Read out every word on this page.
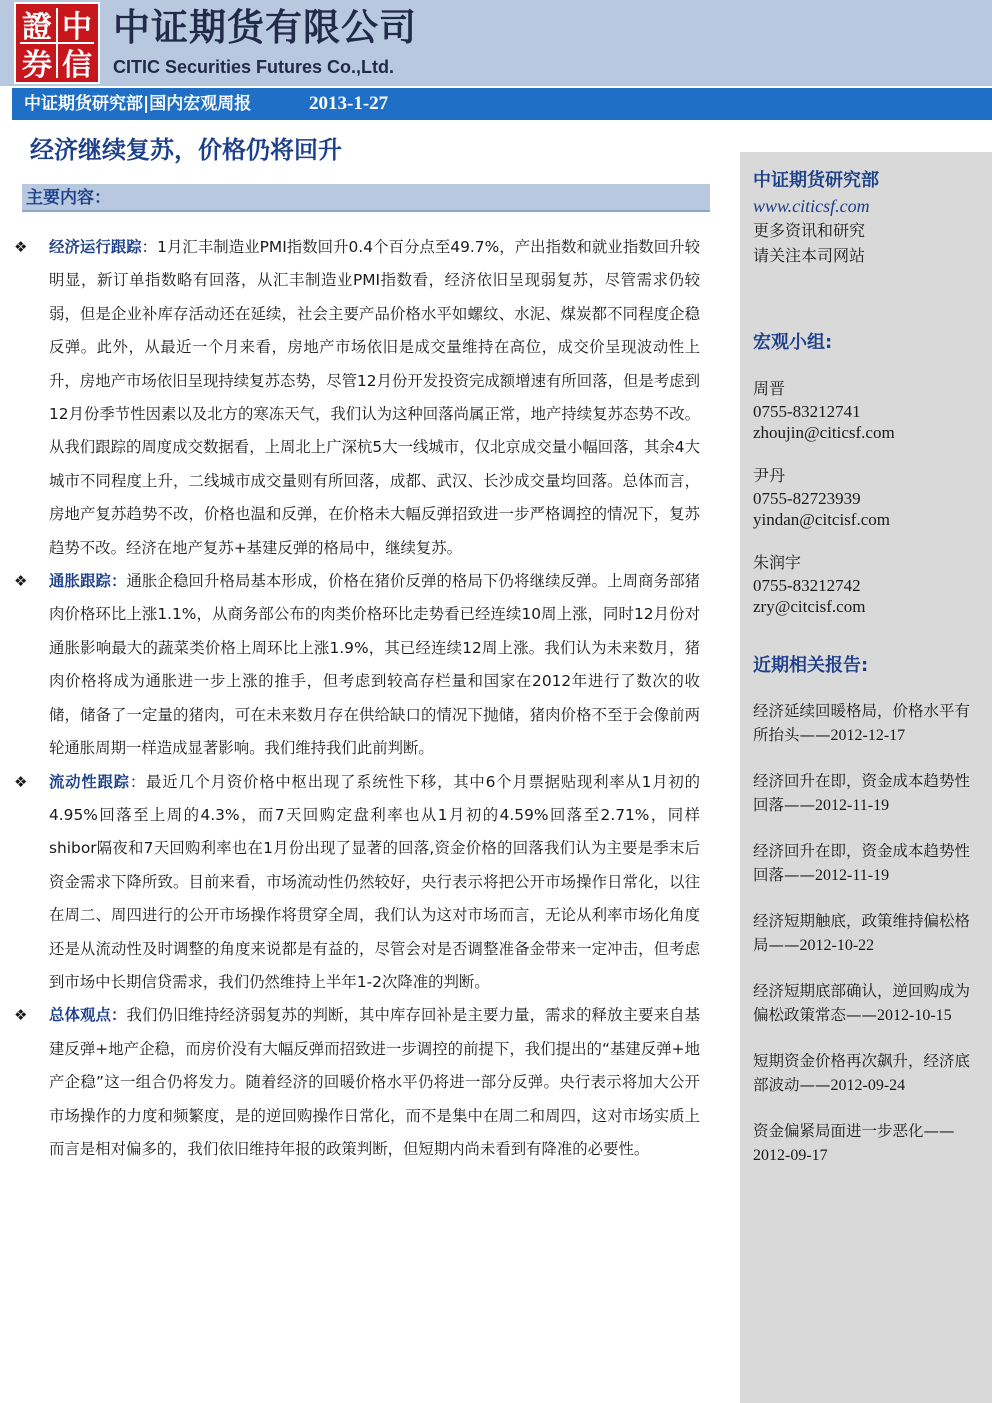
證 中
券 信
中证期货有限公司
CITIC Securities Futures Co.,Ltd.
中证期货研究部|国内宏观周报	2013-1-27
经济继续复苏，价格仍将回升
主要内容：
❖ 经济运行跟踪：1月汇丰制造业PMI指数回升0.4个百分点至49.7%，产出指数和就业指数回升较明显，新订单指数略有回落，从汇丰制造业PMI指数看，经济依旧呈现弱复苏，尽管需求仍较弱，但是企业补库存活动还在延续，社会主要产品价格水平如螺纹、水泥、煤炭都不同程度企稳反弹。此外，从最近一个月来看，房地产市场依旧是成交量维持在高位，成交价呈现波动性上升，房地产市场依旧呈现持续复苏态势，尽管12月份开发投资完成额增速有所回落，但是考虑到12月份季节性因素以及北方的寒冻天气，我们认为这种回落尚属正常，地产持续复苏态势不改。从我们跟踪的周度成交数据看，上周北上广深杭5大一线城市，仅北京成交量小幅回落，其余4大城市不同程度上升，二线城市成交量则有所回落，成都、武汉、长沙成交量均回落。总体而言，房地产复苏趋势不改，价格也温和反弹，在价格未大幅反弹招致进一步严格调控的情况下，复苏趋势不改。经济在地产复苏+基建反弹的格局中，继续复苏。
❖ 通胀跟踪：通胀企稳回升格局基本形成，价格在猪价反弹的格局下仍将继续反弹。上周商务部猪肉价格环比上涨1.1%，从商务部公布的肉类价格环比走势看已经连续10周上涨，同时12月份对通胀影响最大的蔬菜类价格上周环比上涨1.9%，其已经连续12周上涨。我们认为未来数月，猪肉价格将成为通胀进一步上涨的推手，但考虑到较高存栏量和国家在2012年进行了数次的收储，储备了一定量的猪肉，可在未来数月存在供给缺口的情况下抛储，猪肉价格不至于会像前两轮通胀周期一样造成显著影响。我们维持我们此前判断。
❖ 流动性跟踪：最近几个月资价格中枢出现了系统性下移，其中6个月票据贴现利率从1月初的4.95%回落至上周的4.3%，而7天回购定盘利率也从1月初的4.59%回落至2.71%，同样shibor隔夜和7天回购利率也在1月份出现了显著的回落,资金价格的回落我们认为主要是季末后资金需求下降所致。目前来看，市场流动性仍然较好，央行表示将把公开市场操作日常化，以往在周二、周四进行的公开市场操作将贯穿全周，我们认为这对市场而言，无论从利率市场化角度还是从流动性及时调整的角度来说都是有益的，尽管会对是否调整准备金带来一定冲击，但考虑到市场中长期信贷需求，我们仍然维持上半年1-2次降准的判断。
❖ 总体观点：我们仍旧维持经济弱复苏的判断，其中库存回补是主要力量，需求的释放主要来自基建反弹+地产企稳，而房价没有大幅反弹而招致进一步调控的前提下，我们提出的“基建反弹+地产企稳”这一组合仍将发力。随着经济的回暖价格水平仍将进一部分反弹。央行表示将加大公开市场操作的力度和频繁度，是的逆回购操作日常化，而不是集中在周二和周四，这对市场实质上而言是相对偏多的，我们依旧维持年报的政策判断，但短期内尚未看到有降准的必要性。
中证期货研究部
www.citicsf.com
更多资讯和研究
请关注本司网站
宏观小组:
周晋
0755-83212741
zhoujin@citicsf.com
尹丹
0755-82723939
yindan@citcisf.com
朱润宇
0755-83212742
zry@citcisf.com
近期相关报告:
经济延续回暖格局，价格水平有
所抬头——2012-12-17
经济回升在即，资金成本趋势性
回落——2012-11-19
经济回升在即，资金成本趋势性
回落——2012-11-19
经济短期触底，政策维持偏松格
局——2012-10-22
经济短期底部确认，逆回购成为
偏松政策常态——2012-10-15
短期资金价格再次飙升，经济底
部波动——2012-09-24
资金偏紧局面进一步恶化——
2012-09-17
